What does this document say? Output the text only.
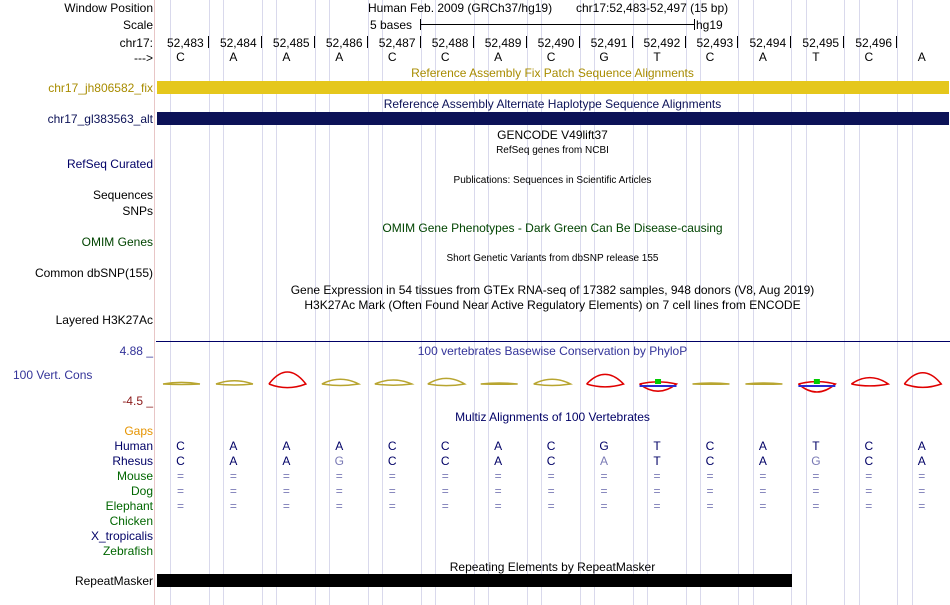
Window Position	Human Feb. 2009 (GRCh37/hg19) chr17:52,483-52,497 (15 bp)
Scale	5 bases	hg19
chr17: 52,483 52,484 52,485 52,486 52,487 52,488 52,489 52,490 52,491 52,492 52,493 52,494 52,495 52,496
--->	C	A	A	A	C	C	A	C	G	T	C	A	T	C	A
Reference Assembly Fix Patch Sequence Alignments
chr17_jh806582_fix
Reference Assembly Alternate Haplotype Sequence Alignments
chr17_gl383563_alt
GENCODE V49lift37
RefSeq genes from NCBI
RefSeq Curated
Publications: Sequences in Scientific Articles
Sequences
SNPs
OMIM Gene Phenotypes - Dark Green Can Be Disease-causing
OMIM Genes
Short Genetic Variants from dbSNP release 155
Common dbSNP(155)
Gene Expression in 54 tissues from GTEx RNA-seq of 17382 samples, 948 donors (V8, Aug 2019)
H3K27Ac Mark (Often Found Near Active Regulatory Elements) on 7 cell lines from ENCODE
Layered H3K27Ac
100 vertebrates Basewise Conservation by PhyloP
4.88 _
100 Vert. Cons
-4.5 _
Multiz Alignments of 100 Vertebrates
Gaps
Human	C	A	A	A	C	C	A	C	G	T	C	A	T	C	A
Rhesus	C	A	A	G	C	C	A	C	A	T	C	A	G	C	A
Mouse	=	=	=	=	=	=	=	=	=	=	=	=	=	=	=
Dog	=	=	=	=	=	=	=	=	=	=	=	=	=	=	=
Elephant	=	=	=	=	=	=	=	=	=	=	=	=	=	=	=
Chicken
X_tropicalis
Zebrafish
Repeating Elements by RepeatMasker
RepeatMasker
